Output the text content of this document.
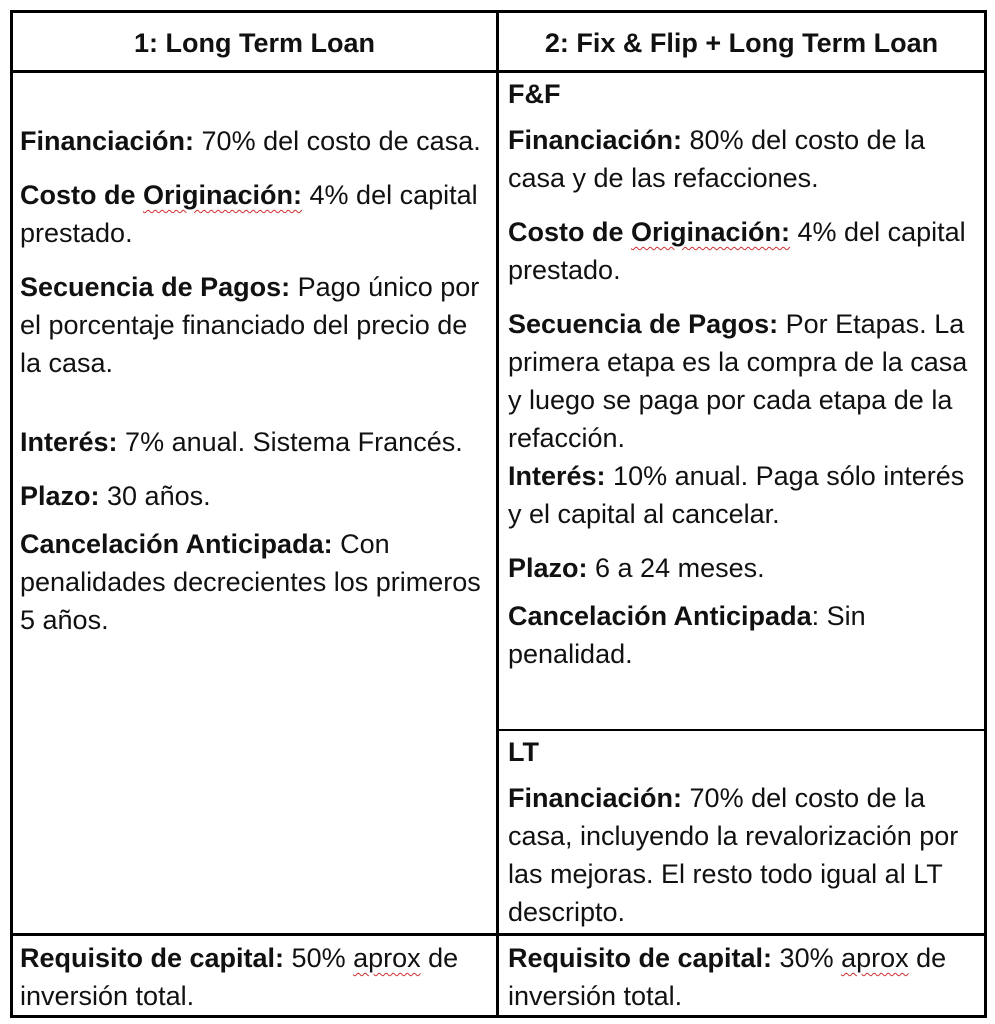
1: Long Term Loan	2: Fix & Flip + Long Term Loan

Financiación: 70% del costo de casa.

Costo de Originación: 4% del capital prestado.

Secuencia de Pagos: Pago único por el porcentaje financiado del precio de la casa.

Interés: 7% anual. Sistema Francés.

Plazo: 30 años.

Cancelación Anticipada: Con penalidades decrecientes los primeros 5 años.

F&F

Financiación: 80% del costo de la casa y de las refacciones.

Costo de Originación: 4% del capital prestado.

Secuencia de Pagos: Por Etapas. La primera etapa es la compra de la casa y luego se paga por cada etapa de la refacción.

Interés: 10% anual. Paga sólo interés y el capital al cancelar.

Plazo: 6 a 24 meses.

Cancelación Anticipada: Sin penalidad.

LT

Financiación: 70% del costo de la casa, incluyendo la revalorización por las mejoras. El resto todo igual al LT descripto.

Requisito de capital: 50% aprox de inversión total.

Requisito de capital: 30% aprox de inversión total.
